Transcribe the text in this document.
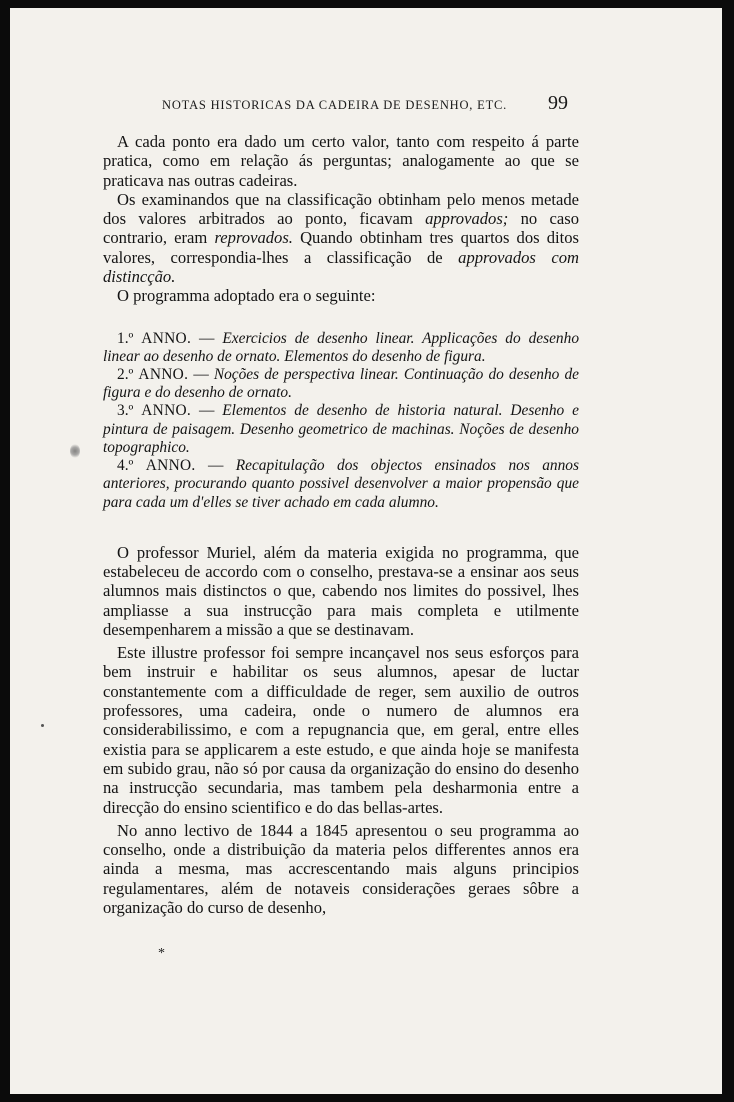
NOTAS HISTORICAS DA CADEIRA DE DESENHO, ETC. 99

A cada ponto era dado um certo valor, tanto com respeito á parte pratica, como em relação ás perguntas; analogamente ao que se praticava nas outras cadeiras.

Os examinandos que na classificação obtinham pelo menos metade dos valores arbitrados ao ponto, ficavam approvados; no caso contrario, eram reprovados. Quando obtinham tres quartos dos ditos valores, correspondia-lhes a classificação de approvados com distincção.

O programma adoptado era o seguinte:

1.º ANNO. — Exercicios de desenho linear. Applicações do desenho linear ao desenho de ornato. Elementos do desenho de figura.

2.º ANNO. — Noções de perspectiva linear. Continuação do desenho de figura e do desenho de ornato.

3.º ANNO. — Elementos de desenho de historia natural. Desenho e pintura de paisagem. Desenho geometrico de machinas. Noções de desenho topographico.

4.º ANNO. — Recapitulação dos objectos ensinados nos annos anteriores, procurando quanto possivel desenvolver a maior propensão que para cada um d'elles se tiver achado em cada alumno.

O professor Muriel, além da materia exigida no programma, que estabeleceu de accordo com o conselho, prestava-se a ensinar aos seus alumnos mais distinctos o que, cabendo nos limites do possivel, lhes ampliasse a sua instrucção para mais completa e utilmente desempenharem a missão a que se destinavam.

Este illustre professor foi sempre incançavel nos seus esforços para bem instruir e habilitar os seus alumnos, apesar de luctar constantemente com a difficuldade de reger, sem auxilio de outros professores, uma cadeira, onde o numero de alumnos era considerabilissimo, e com a repugnancia que, em geral, entre elles existia para se applicarem a este estudo, e que ainda hoje se manifesta em subido grau, não só por causa da organização do ensino do desenho na instrucção secundaria, mas tambem pela desharmonia entre a direcção do ensino scientifico e do das bellas-artes.

No anno lectivo de 1844 a 1845 apresentou o seu programma ao conselho, onde a distribuição da materia pelos differentes annos era ainda a mesma, mas accrescentando mais alguns principios regulamentares, além de notaveis considerações geraes sôbre a organização do curso de desenho,

*
